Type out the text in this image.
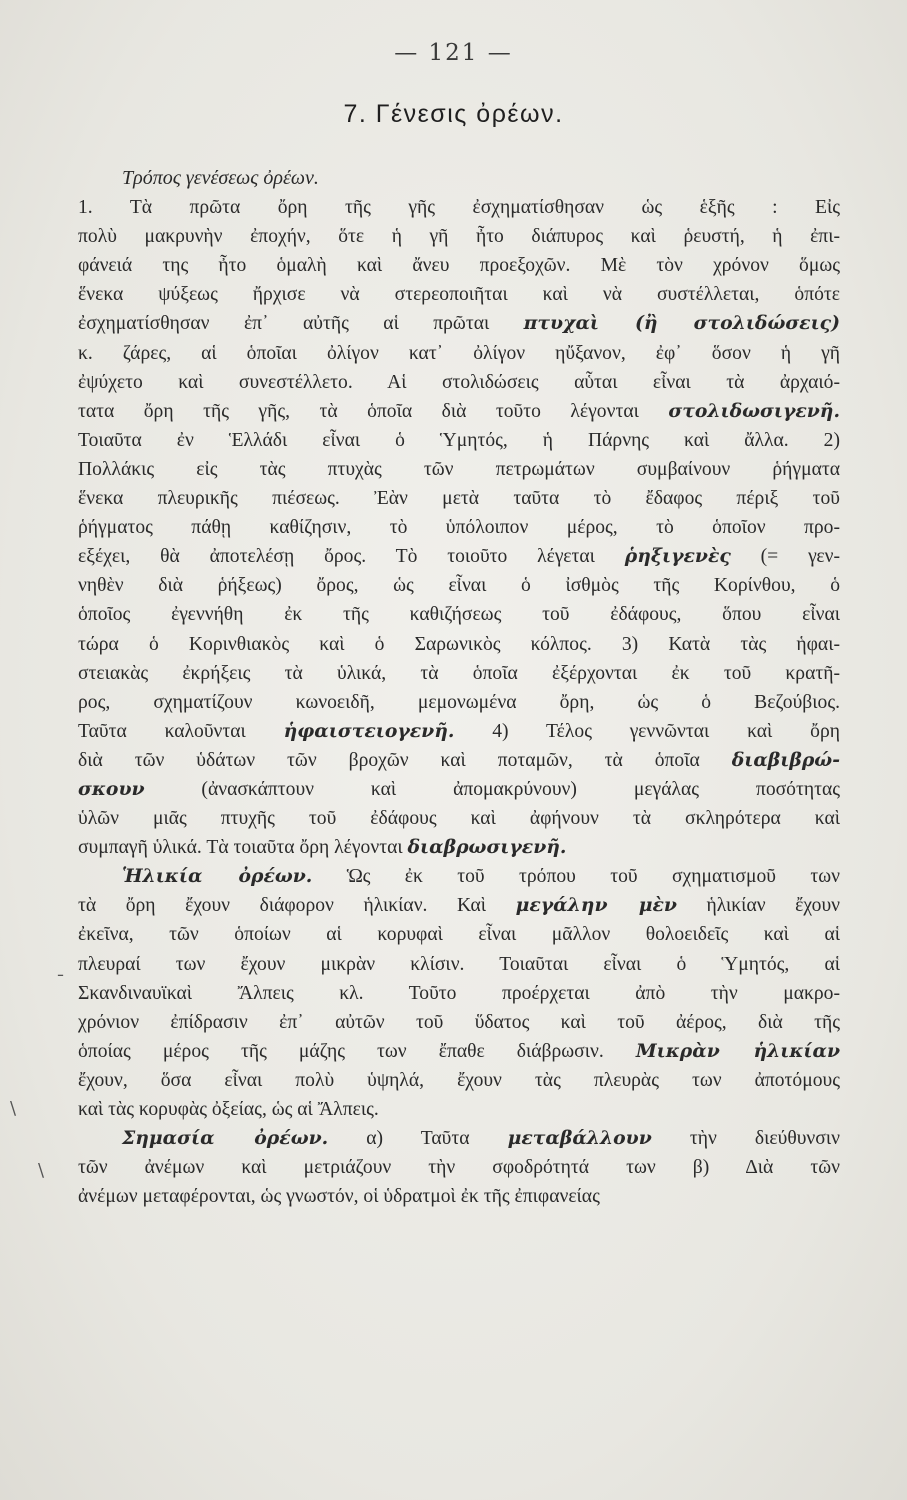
— 121 —
7. Γένεσις ὀρέων.
Τρόπος γενέσεως ὀρέων.
1. Τὰ πρῶτα ὄρη τῆς γῆς ἐσχηματίσθησαν ὡς ἑξῆς : Εἰς
πολὺ μακρυνὴν ἐποχήν, ὅτε ἡ γῆ ἦτο διάπυρος καὶ ῥευστή, ἡ ἐπι-
φάνειά της ἦτο ὁμαλὴ καὶ ἄνευ προεξοχῶν. Μὲ τὸν χρόνον ὅμως
ἕνεκα ψύξεως ἤρχισε νὰ στερεοποιῆται καὶ νὰ συστέλλεται, ὁπότε
ἐσχηματίσθησαν ἐπ᾽ αὐτῆς αἱ πρῶται πτυχαὶ (ἢ στολιδώσεις)
κ. ζάρες, αἱ ὁποῖαι ὀλίγον κατ᾽ ὀλίγον ηὔξανον, ἐφ᾽ ὅσον ἡ γῆ
ἐψύχετο καὶ συνεστέλλετο. Αἱ στολιδώσεις αὗται εἶναι τὰ ἀρχαιό-
τατα ὄρη τῆς γῆς, τὰ ὁποῖα διὰ τοῦτο λέγονται στολιδωσιγενῆ.
Τοιαῦτα ἐν Ἑλλάδι εἶναι ὁ Ὑμητός, ἡ Πάρνης καὶ ἄλλα. 2)
Πολλάκις εἰς τὰς πτυχὰς τῶν πετρωμάτων συμβαίνουν ῥήγματα
ἕνεκα πλευρικῆς πιέσεως. Ἐὰν μετὰ ταῦτα τὸ ἔδαφος πέριξ τοῦ
ῥήγματος πάθῃ καθίζησιν, τὸ ὑπόλοιπον μέρος, τὸ ὁποῖον προ-
εξέχει, θὰ ἀποτελέσῃ ὄρος. Τὸ τοιοῦτο λέγεται ῥηξιγενὲς (= γεν-
νηθὲν διὰ ῥήξεως) ὄρος, ὡς εἶναι ὁ ἰσθμὸς τῆς Κορίνθου, ὁ
ὁποῖος ἐγεννήθη ἐκ τῆς καθιζήσεως τοῦ ἐδάφους, ὅπου εἶναι
τώρα ὁ Κορινθιακὸς καὶ ὁ Σαρωνικὸς κόλπος. 3) Κατὰ τὰς ἡφαι-
στειακὰς ἐκρήξεις τὰ ὑλικά, τὰ ὁποῖα ἐξέρχονται ἐκ τοῦ κρατῆ-
ρος, σχηματίζουν κωνοειδῆ, μεμονωμένα ὄρη, ὡς ὁ Βεζούβιος.
Ταῦτα καλοῦνται ἡφαιστειογενῆ. 4) Τέλος γεννῶνται καὶ ὄρη
διὰ τῶν ὑδάτων τῶν βροχῶν καὶ ποταμῶν, τὰ ὁποῖα διαβιβρώ-
σκουν (ἀνασκάπτουν καὶ ἀπομακρύνουν) μεγάλας ποσότητας
ὑλῶν μιᾶς πτυχῆς τοῦ ἐδάφους καὶ ἀφήνουν τὰ σκληρότερα καὶ
συμπαγῆ ὑλικά. Τὰ τοιαῦτα ὄρη λέγονται διαβρωσιγενῆ.
Ἡλικία ὀρέων. Ὡς ἐκ τοῦ τρόπου τοῦ σχηματισμοῦ των
τὰ ὄρη ἔχουν διάφορον ἡλικίαν. Καὶ μεγάλην μὲν ἡλικίαν ἔχουν
ἐκεῖνα, τῶν ὁποίων αἱ κορυφαὶ εἶναι μᾶλλον θολοειδεῖς καὶ αἱ
πλευραί των ἔχουν μικρὰν κλίσιν. Τοιαῦται εἶναι ὁ Ὑμητός, αἱ
Σκανδιναυϊκαὶ Ἄλπεις κλ. Τοῦτο προέρχεται ἀπὸ τὴν μακρο-
χρόνιον ἐπίδρασιν ἐπ᾽ αὐτῶν τοῦ ὕδατος καὶ τοῦ ἀέρος, διὰ τῆς
ὁποίας μέρος τῆς μάζης των ἔπαθε διάβρωσιν. Μικρὰν ἡλικίαν
ἔχουν, ὅσα εἶναι πολὺ ὑψηλά, ἔχουν τὰς πλευρὰς των ἀποτόμους
καὶ τὰς κορυφὰς ὀξείας, ὡς αἱ Ἄλπεις.
Σημασία ὀρέων. α) Ταῦτα μεταβάλλουν τὴν διεύθυνσιν
τῶν ἀνέμων καὶ μετριάζουν τὴν σφοδρότητά των β) Διὰ τῶν
ἀνέμων μεταφέρονται, ὡς γνωστόν, οἱ ὑδρατμοὶ ἐκ τῆς ἐπιφανείας
ˉ
\
\
